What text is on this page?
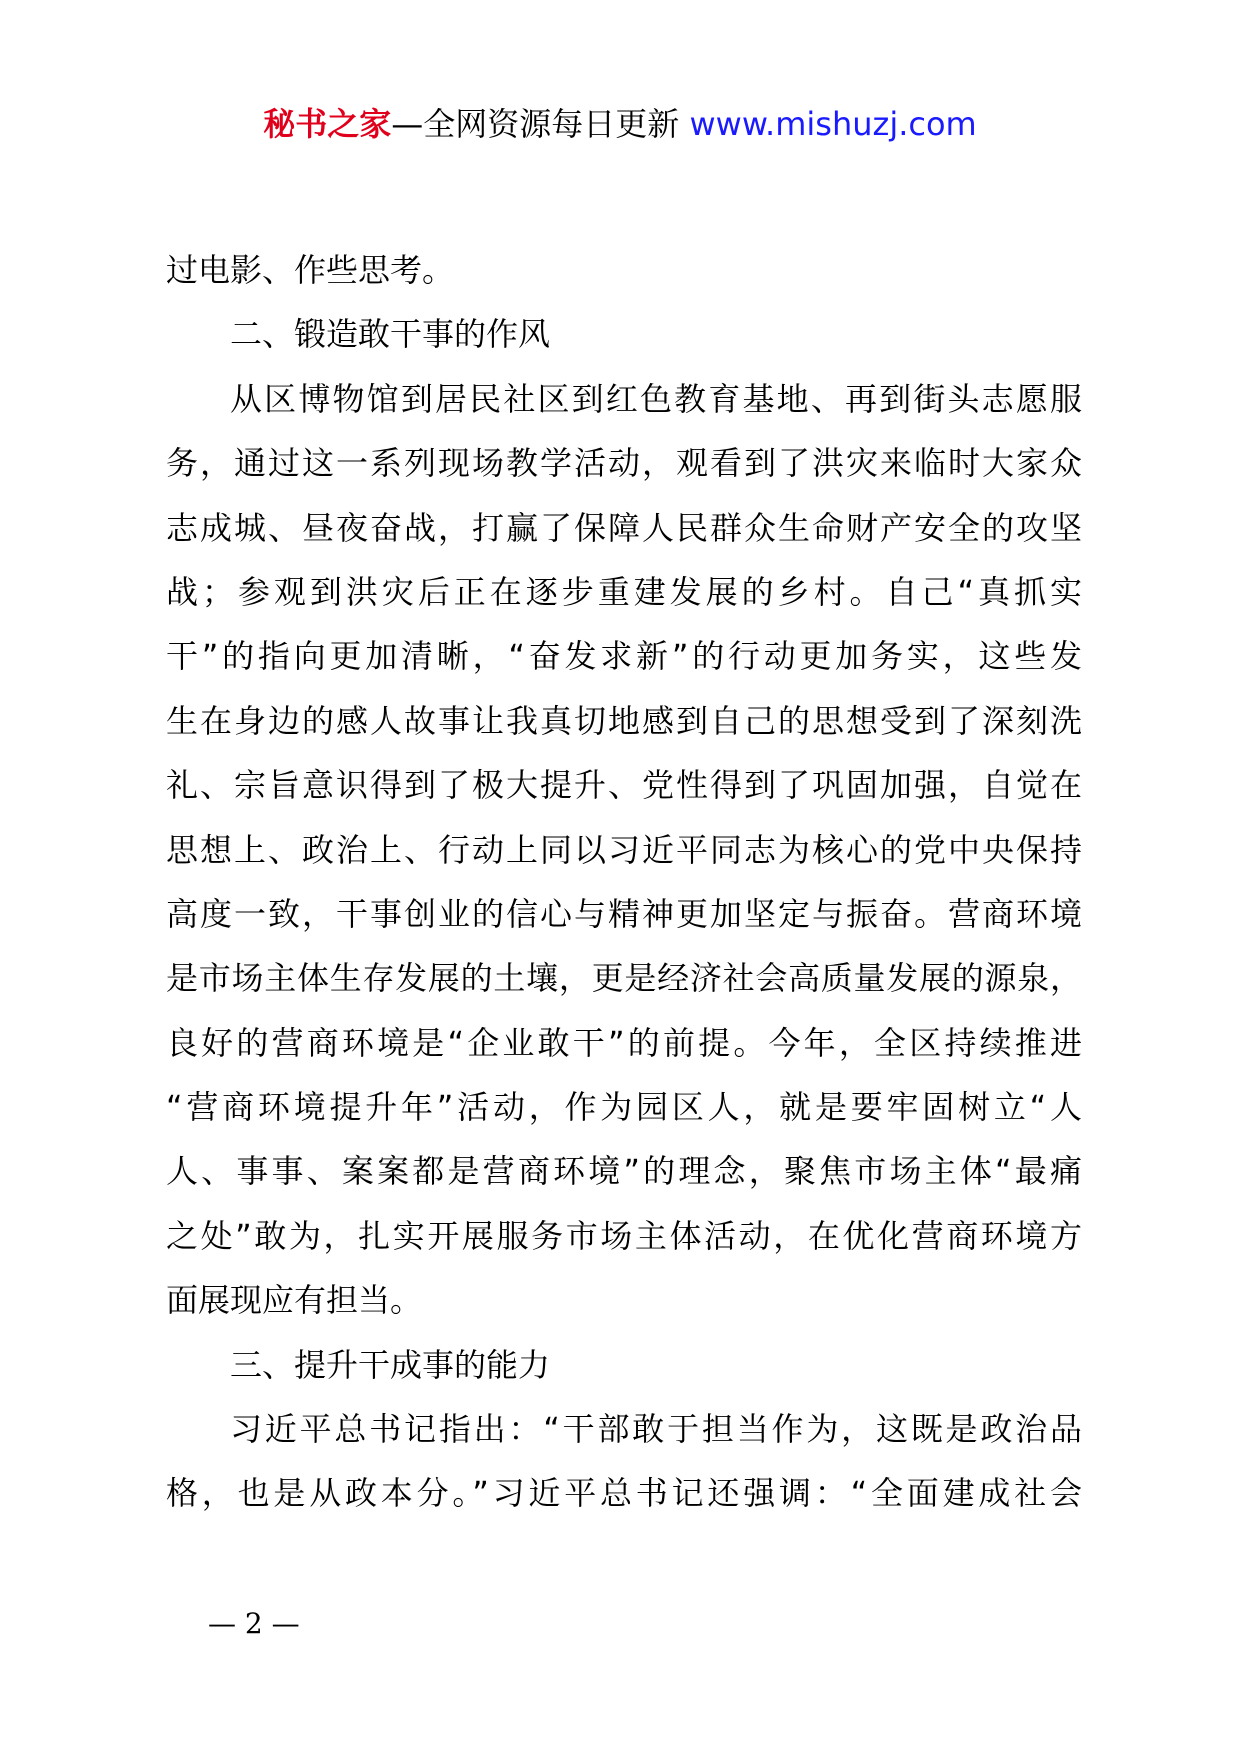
秘书之家—全网资源每日更新 www.mishuzj.com
过电影、作些思考。
二、锻造敢干事的作风
从区博物馆到居民社区到红色教育基地、再到街头志愿服
务，通过这一系列现场教学活动，观看到了洪灾来临时大家众
志成城、昼夜奋战，打赢了保障人民群众生命财产安全的攻坚
战；参观到洪灾后正在逐步重建发展的乡村。自己“真抓实
干”的指向更加清晰，“奋发求新”的行动更加务实，这些发
生在身边的感人故事让我真切地感到自己的思想受到了深刻洗
礼、宗旨意识得到了极大提升、党性得到了巩固加强，自觉在
思想上、政治上、行动上同以习近平同志为核心的党中央保持
高度一致，干事创业的信心与精神更加坚定与振奋。营商环境
是市场主体生存发展的土壤，更是经济社会高质量发展的源泉，
良好的营商环境是“企业敢干”的前提。今年，全区持续推进
“营商环境提升年”活动，作为园区人，就是要牢固树立“人
人、事事、案案都是营商环境”的理念，聚焦市场主体“最痛
之处”敢为，扎实开展服务市场主体活动，在优化营商环境方
面展现应有担当。
三、提升干成事的能力
习近平总书记指出：“干部敢于担当作为，这既是政治品
格，也是从政本分。”习近平总书记还强调：“全面建成社会
— 2 —
